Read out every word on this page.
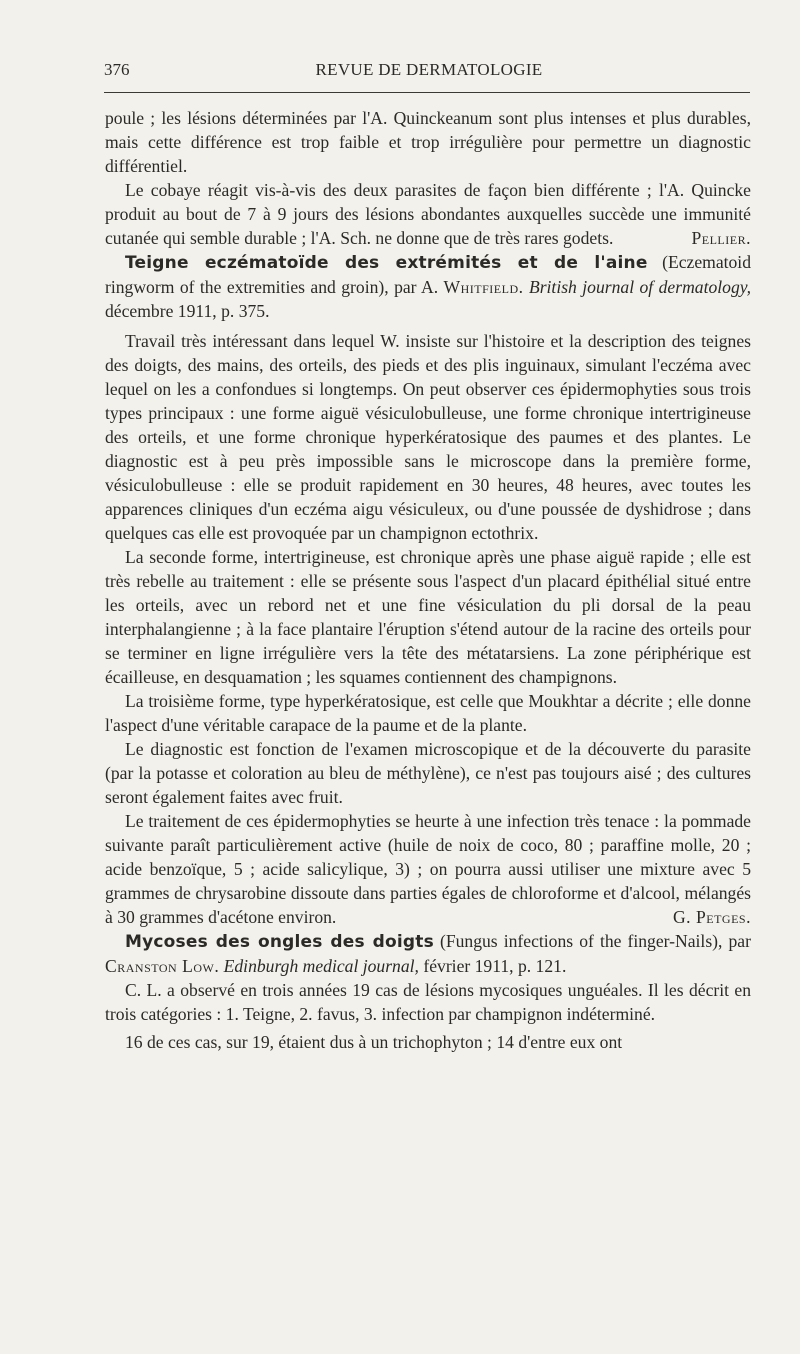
376	REVUE DE DERMATOLOGIE

poule ; les lésions déterminées par l'A. Quinckeanum sont plus intenses et plus durables, mais cette différence est trop faible et trop irrégulière pour permettre un diagnostic différentiel.

Le cobaye réagit vis-à-vis des deux parasites de façon bien différente ; l'A. Quincke produit au bout de 7 à 9 jours des lésions abondantes auxquelles succède une immunité cutanée qui semble durable ; l'A. Sch. ne donne que de très rares godets.	Pellier.

Teigne eczématoïde des extrémités et de l'aine (Eczematoid ringworm of the extremities and groin), par A. Whitfield. British journal of dermatology, décembre 1911, p. 375.

Travail très intéressant dans lequel W. insiste sur l'histoire et la description des teignes des doigts, des mains, des orteils, des pieds et des plis inguinaux, simulant l'eczéma avec lequel on les a confondues si longtemps. On peut observer ces épidermophyties sous trois types principaux : une forme aiguë vésiculobulleuse, une forme chronique intertrigineuse des orteils, et une forme chronique hyperkératosique des paumes et des plantes. Le diagnostic est à peu près impossible sans le microscope dans la première forme, vésiculobulleuse : elle se produit rapidement en 30 heures, 48 heures, avec toutes les apparences cliniques d'un eczéma aigu vésiculeux, ou d'une poussée de dyshidrose ; dans quelques cas elle est provoquée par un champignon ectothrix.

La seconde forme, intertrigineuse, est chronique après une phase aiguë rapide ; elle est très rebelle au traitement : elle se présente sous l'aspect d'un placard épithélial situé entre les orteils, avec un rebord net et une fine vésiculation du pli dorsal de la peau interphalangienne ; à la face plantaire l'éruption s'étend autour de la racine des orteils pour se terminer en ligne irrégulière vers la tête des métatarsiens. La zone périphérique est écailleuse, en desquamation ; les squames contiennent des champignons.

La troisième forme, type hyperkératosique, est celle que Moukhtar a décrite ; elle donne l'aspect d'une véritable carapace de la paume et de la plante.

Le diagnostic est fonction de l'examen microscopique et de la découverte du parasite (par la potasse et coloration au bleu de méthylène), ce n'est pas toujours aisé ; des cultures seront également faites avec fruit.

Le traitement de ces épidermophyties se heurte à une infection très tenace : la pommade suivante paraît particulièrement active (huile de noix de coco, 80 ; paraffine molle, 20 ; acide benzoïque, 5 ; acide salicylique, 3) ; on pourra aussi utiliser une mixture avec 5 grammes de chrysarobine dissoute dans parties égales de chloroforme et d'alcool, mélangés à 30 grammes d'acétone environ.	G. Petges.

Mycoses des ongles des doigts (Fungus infections of the finger-Nails), par Cranston Low. Edinburgh medical journal, février 1911, p. 121.

C. L. a observé en trois années 19 cas de lésions mycosiques unguéales. Il les décrit en trois catégories : 1. Teigne, 2. favus, 3. infection par champignon indéterminé.

16 de ces cas, sur 19, étaient dus à un trichophyton ; 14 d'entre eux ont
